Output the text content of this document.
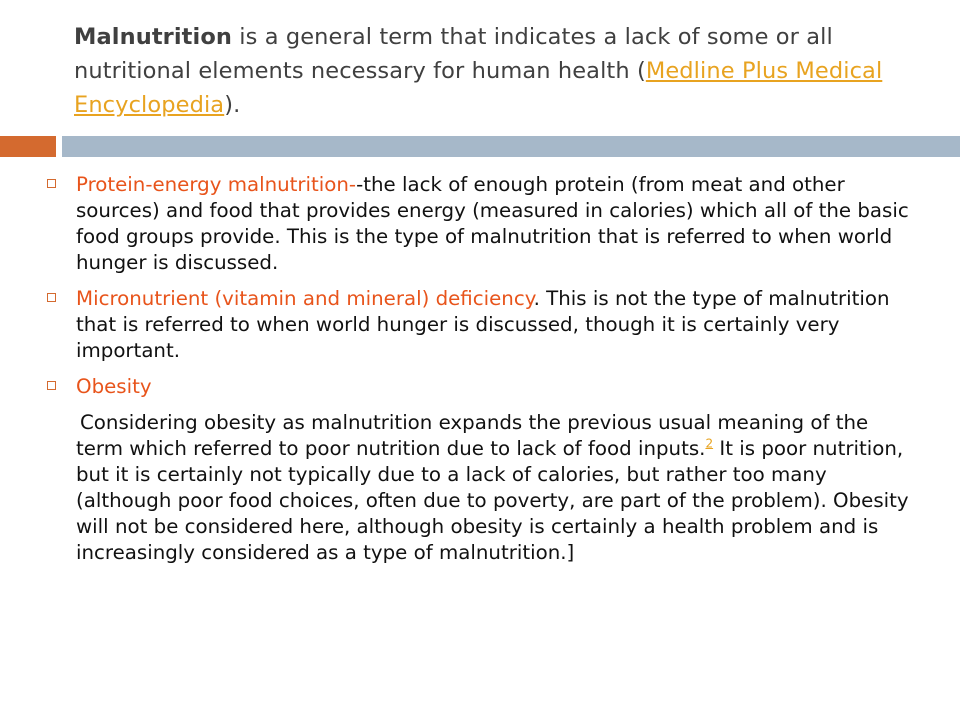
Malnutrition is a general term that indicates a lack of some or all nutritional elements necessary for human health (Medline Plus Medical Encyclopedia).
Protein-energy malnutrition--the lack of enough protein (from meat and other sources) and food that provides energy (measured in calories) which all of the basic food groups provide. This is the type of malnutrition that is referred to when world hunger is discussed.
Micronutrient (vitamin and mineral) deficiency. This is not the type of malnutrition that is referred to when world hunger is discussed, though it is certainly very important.
Obesity
Considering obesity as malnutrition expands the previous usual meaning of the term which referred to poor nutrition due to lack of food inputs.$^2$ It is poor nutrition, but it is certainly not typically due to a lack of calories, but rather too many (although poor food choices, often due to poverty, are part of the problem). Obesity will not be considered here, although obesity is certainly a health problem and is increasingly considered as a type of malnutrition.]
